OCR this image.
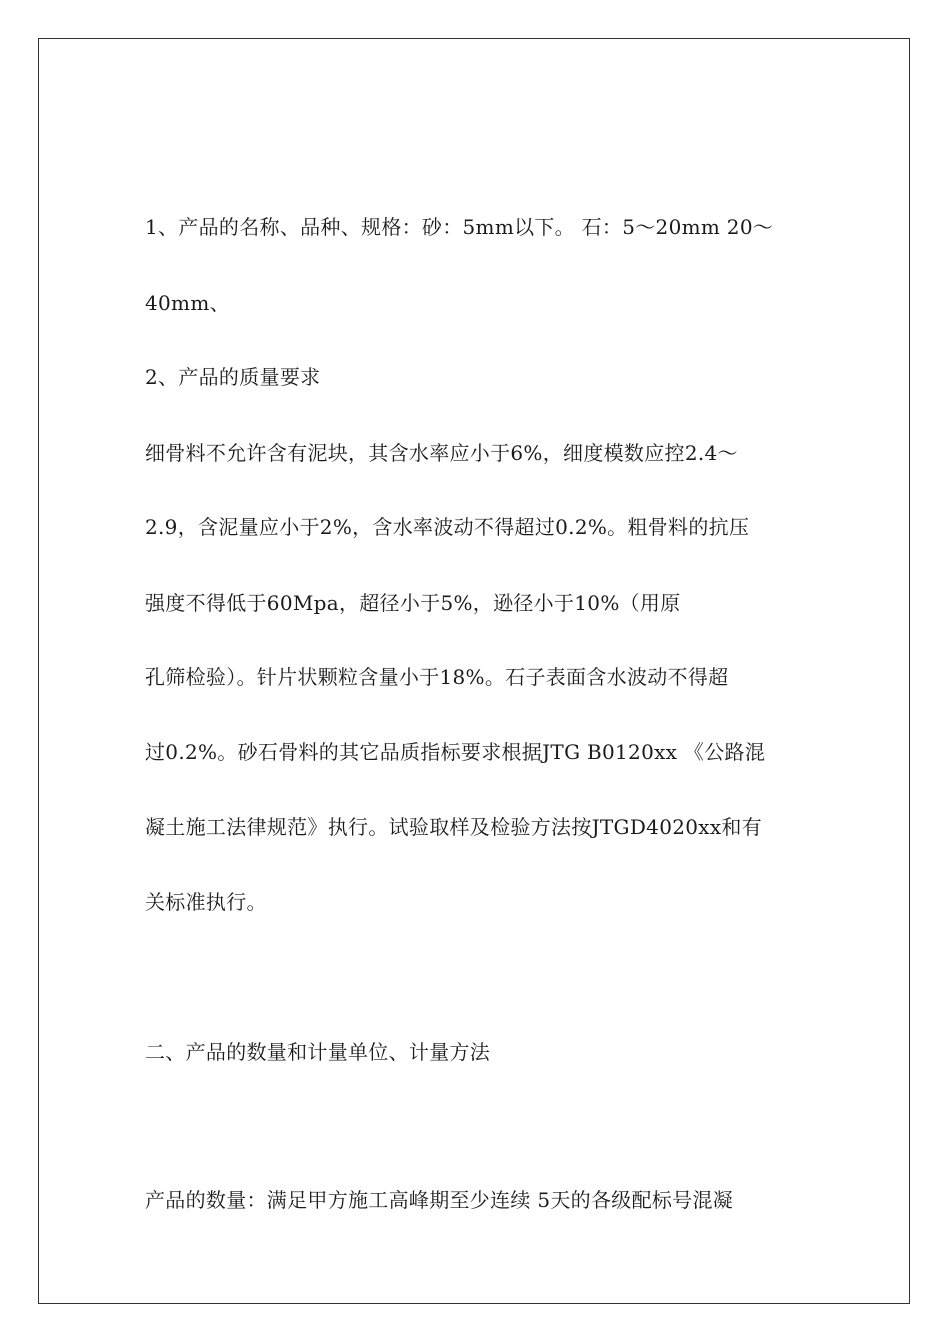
1、产品的名称、品种、规格：砂：5mm以下。 石：5～20mm 20～
40mm、
2、产品的质量要求
细骨料不允许含有泥块，其含水率应小于6%，细度模数应控2.4～
2.9，含泥量应小于2%，含水率波动不得超过0.2%。粗骨料的抗压
强度不得低于60Mpa，超径小于5%，逊径小于10%（用原
孔筛检验）。针片状颗粒含量小于18%。石子表面含水波动不得超
过0.2%。砂石骨料的其它品质指标要求根据JTG B0120xx 《公路混
凝土施工法律规范》执行。试验取样及检验方法按JTGD4020xx和有
关标准执行。
二、产品的数量和计量单位、计量方法
产品的数量：满足甲方施工高峰期至少连续 5天的各级配标号混凝
